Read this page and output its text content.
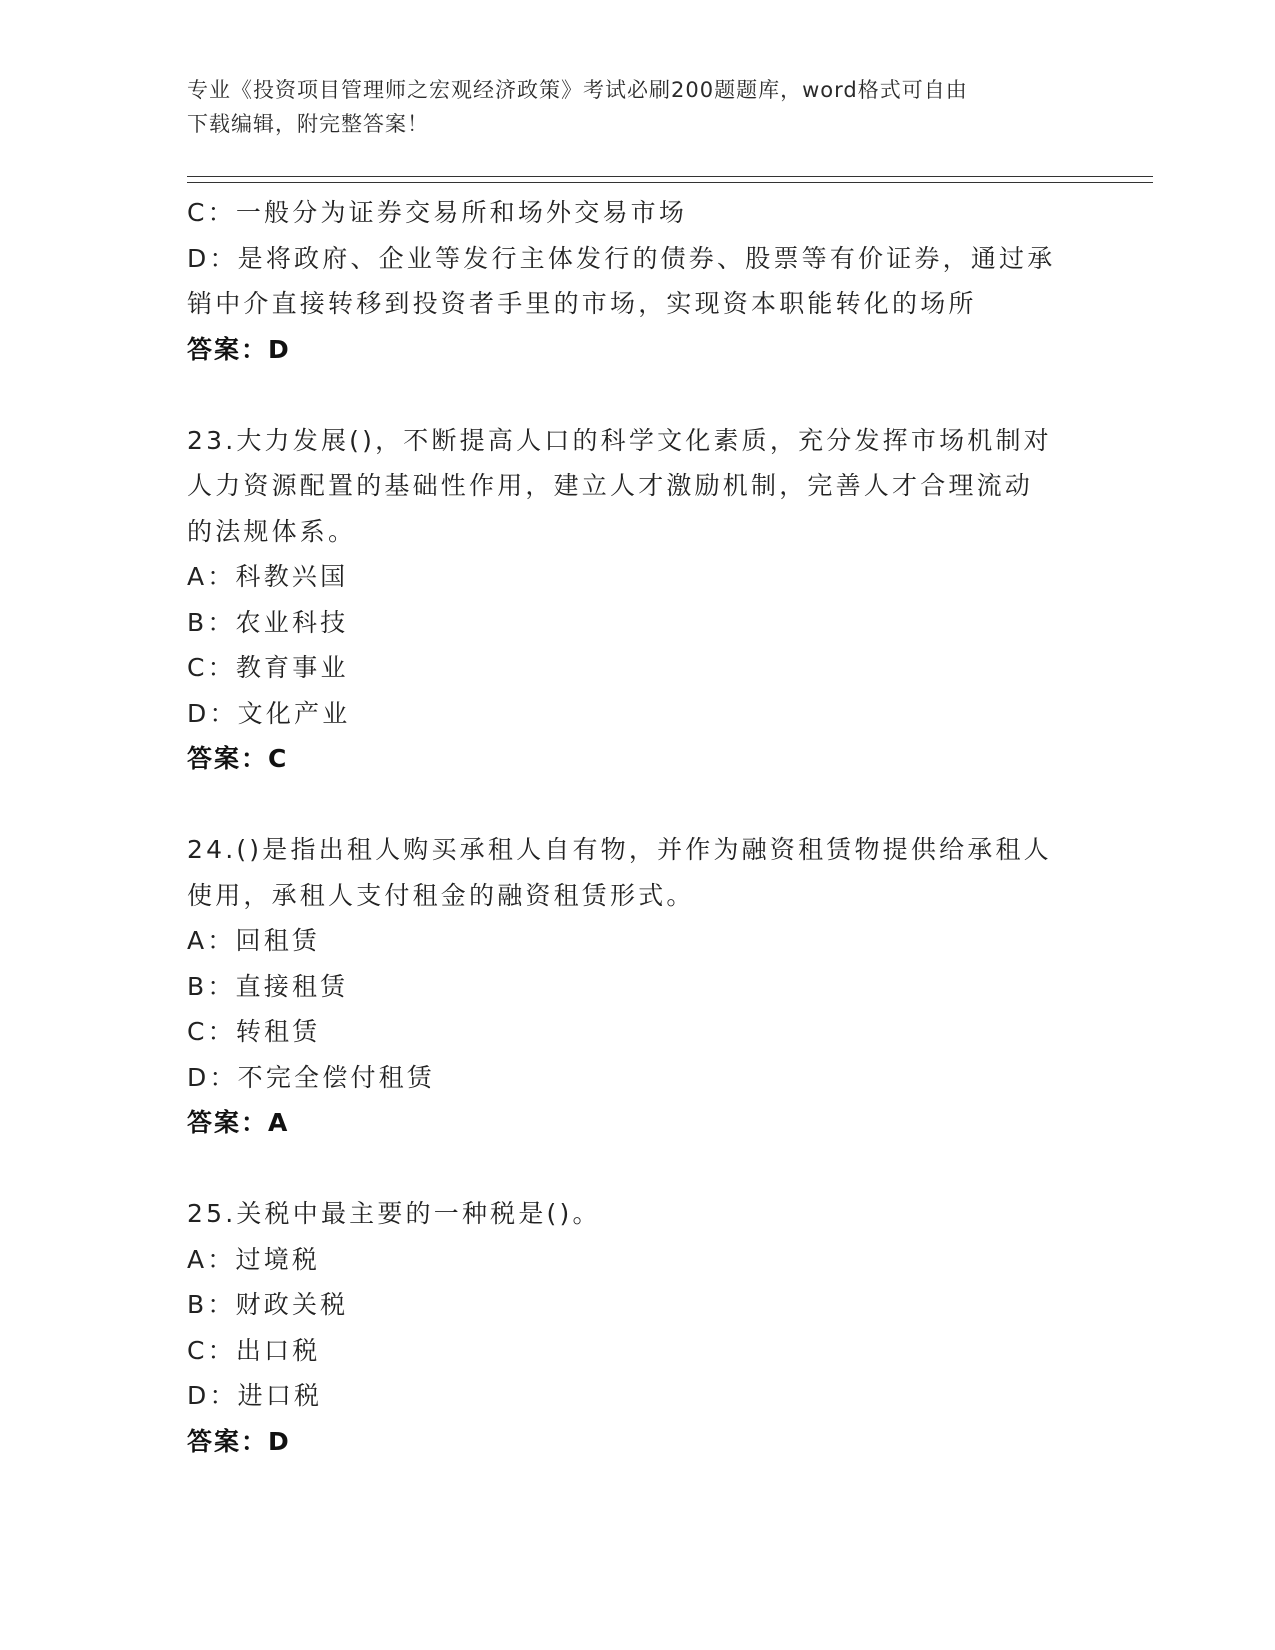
专业《投资项目管理师之宏观经济政策》考试必刷200题题库，word格式可自由
下载编辑，附完整答案！
C：一般分为证券交易所和场外交易市场
D：是将政府、企业等发行主体发行的债券、股票等有价证券，通过承
销中介直接转移到投资者手里的市场，实现资本职能转化的场所
答案：D
23.大力发展()，不断提高人口的科学文化素质，充分发挥市场机制对
人力资源配置的基础性作用，建立人才激励机制，完善人才合理流动
的法规体系。
A：科教兴国
B：农业科技
C：教育事业
D：文化产业
答案：C
24.()是指出租人购买承租人自有物，并作为融资租赁物提供给承租人
使用，承租人支付租金的融资租赁形式。
A：回租赁
B：直接租赁
C：转租赁
D：不完全偿付租赁
答案：A
25.关税中最主要的一种税是()。
A：过境税
B：财政关税
C：出口税
D：进口税
答案：D
